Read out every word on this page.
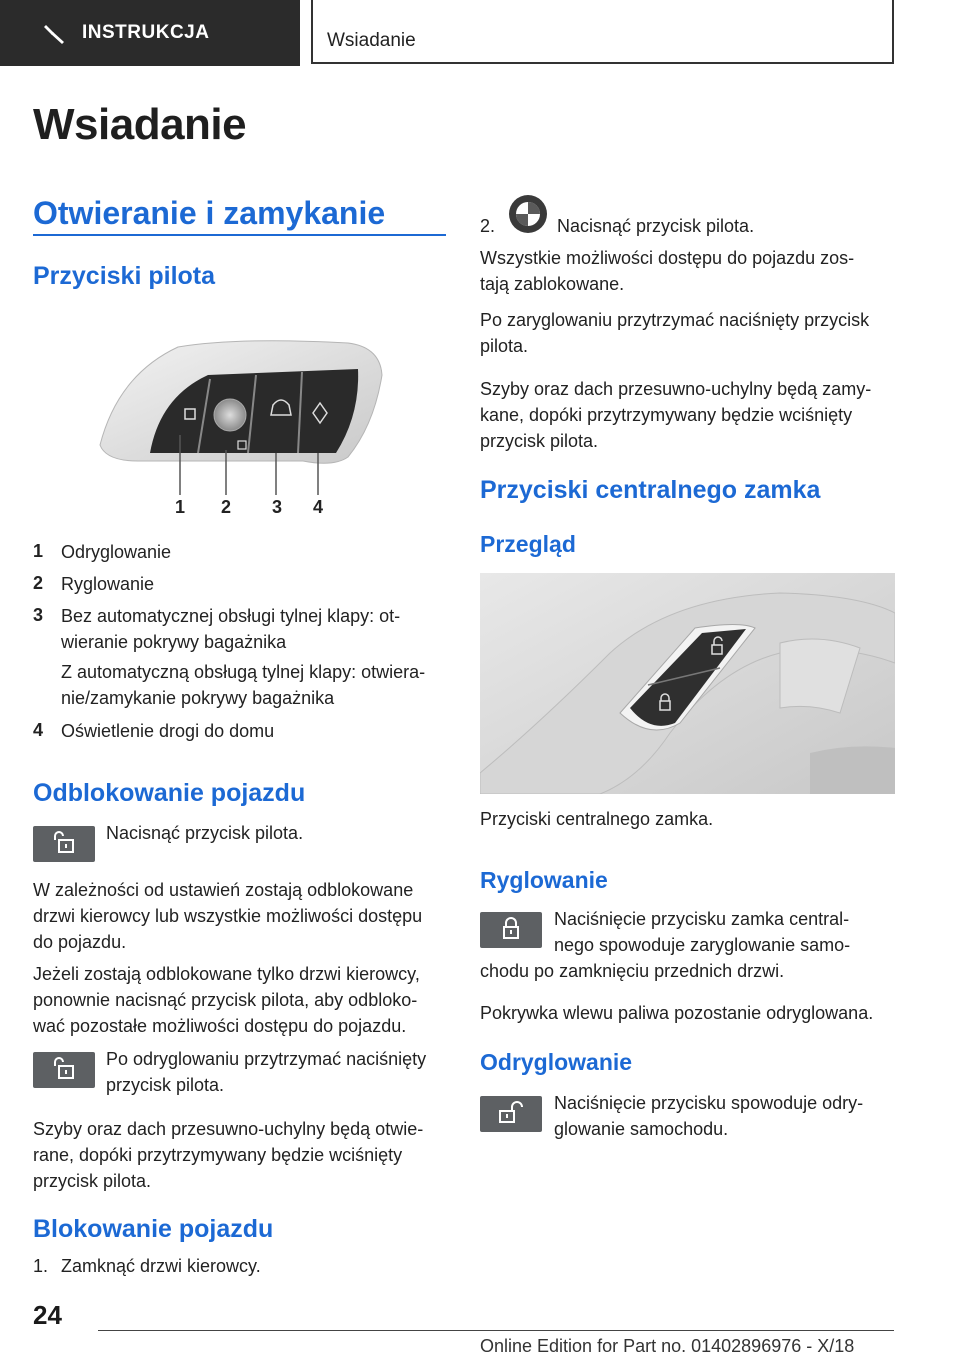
INSTRUKCJA	Wsiadanie
Wsiadanie
Otwieranie i zamykanie
Przyciski pilota
1 2 3 4
1 Odryglowanie

2 Ryglowanie

3 Bez automatycznej obsługi tylnej klapy: ot-

wieranie pokrywy bagażnika

Z automatyczną obsługą tylnej klapy: otwiera-

nie/zamykanie pokrywy bagażnika

4 Oświetlenie drogi do domu

Odblokowanie pojazdu

Nacisnąć przycisk pilota.

W zależności od ustawień zostają odblokowane

drzwi kierowcy lub wszystkie możliwości dostępu

do pojazdu.

Jeżeli zostają odblokowane tylko drzwi kierowcy,

ponownie nacisnąć przycisk pilota, aby odbloko-

wać pozostałe możliwości dostępu do pojazdu.

Po odryglowaniu przytrzymać naciśnięty

przycisk pilota.

Szyby oraz dach przesuwno-uchylny będą otwie-

rane, dopóki przytrzymywany będzie wciśnięty

przycisk pilota.

Blokowanie pojazdu

1. Zamknąć drzwi kierowcy.

2.	Nacisnąć przycisk pilota.

Wszystkie możliwości dostępu do pojazdu zos-

tają zablokowane.

Po zaryglowaniu przytrzymać naciśnięty przycisk

pilota.

Szyby oraz dach przesuwno-uchylny będą zamy-

kane, dopóki przytrzymywany będzie wciśnięty

przycisk pilota.

Przyciski centralnego zamka
Przegląd

Przyciski centralnego zamka.

Ryglowanie

Naciśnięcie przycisku zamka central-

nego spowoduje zaryglowanie samo-

chodu po zamknięciu przednich drzwi.

Pokrywka wlewu paliwa pozostanie odryglowana.

Odryglowanie

Naciśnięcie przycisku spowoduje odry-

glowanie samochodu.

24
Online Edition for Part no. 01402896976 - X/18
